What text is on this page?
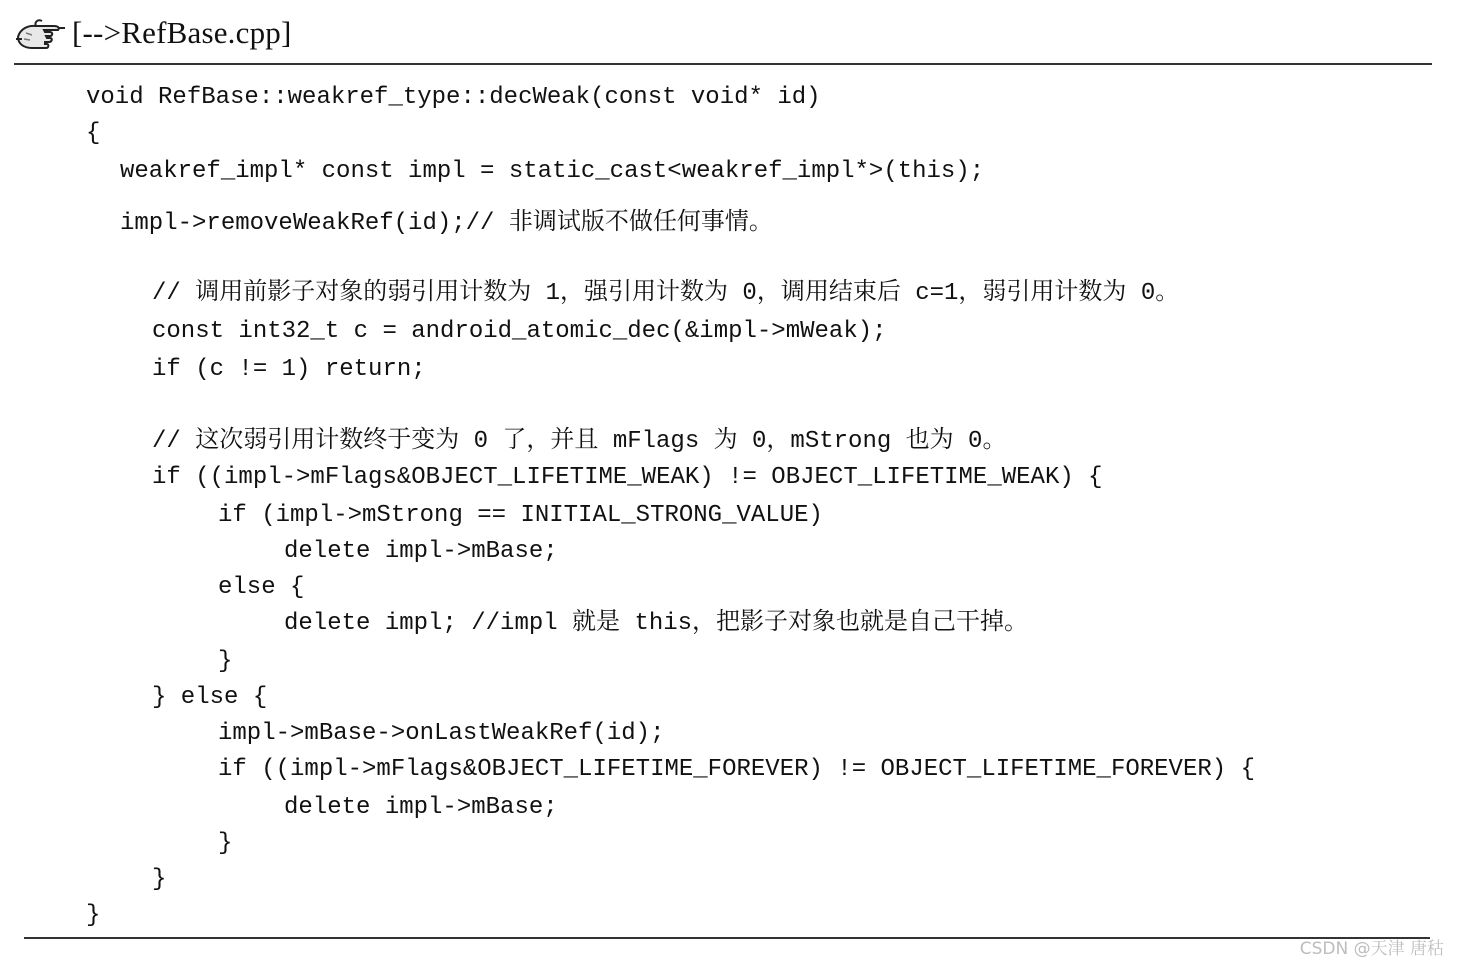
[-->RefBase.cpp]
void RefBase::weakref_type::decWeak(const void* id)
{
weakref_impl* const impl = static_cast<weakref_impl*>(this);
impl->removeWeakRef(id);// 非调试版不做任何事情。
// 调用前影子对象的弱引用计数为 1，强引用计数为 0，调用结束后 c=1，弱引用计数为 0。
const int32_t c = android_atomic_dec(&impl->mWeak);
if (c != 1) return;
// 这次弱引用计数终于变为 0 了，并且 mFlags 为 0，mStrong 也为 0。
if ((impl->mFlags&OBJECT_LIFETIME_WEAK) != OBJECT_LIFETIME_WEAK) {
if (impl->mStrong == INITIAL_STRONG_VALUE)
delete impl->mBase;
else {
delete impl; //impl 就是 this，把影子对象也就是自己干掉。
}
} else {
impl->mBase->onLastWeakRef(id);
if ((impl->mFlags&OBJECT_LIFETIME_FOREVER) != OBJECT_LIFETIME_FOREVER) {
delete impl->mBase;
}
}
}
CSDN @天津 唐秙
